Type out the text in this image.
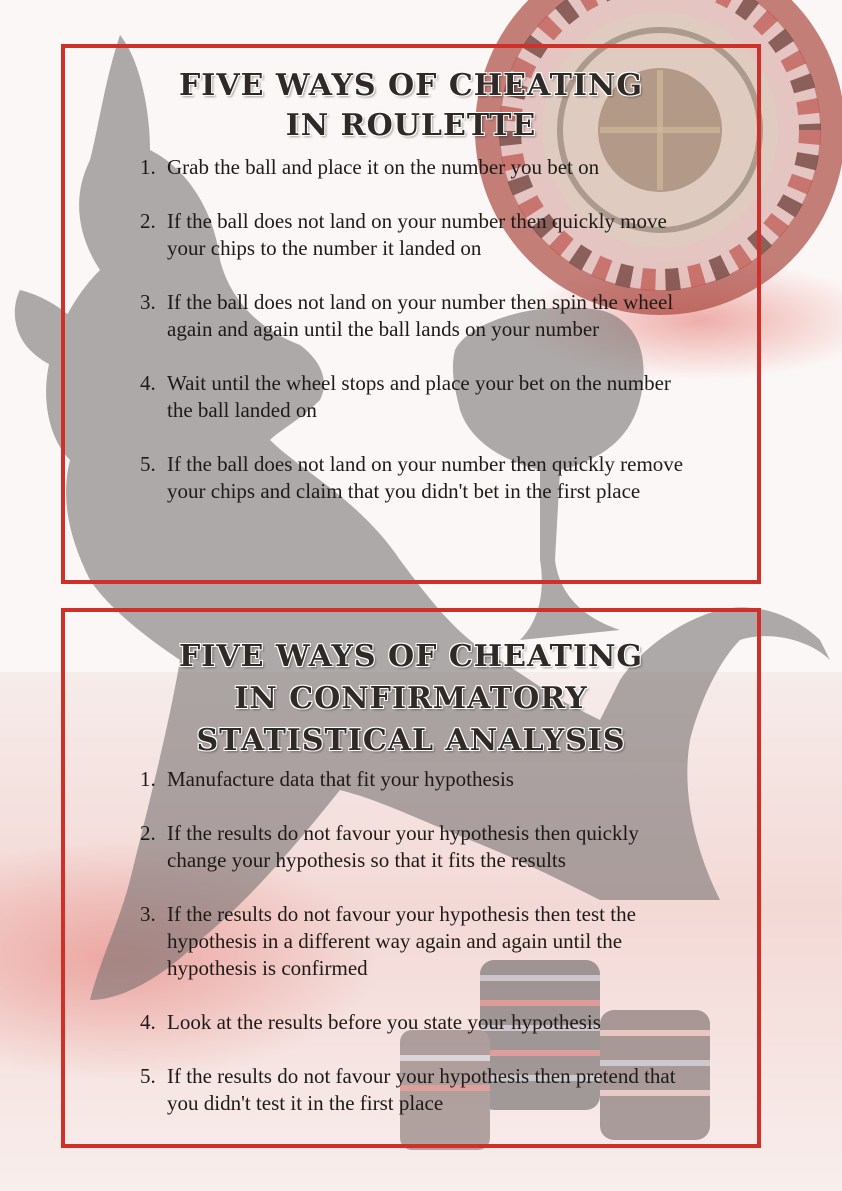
FIVE WAYS OF CHEATING
IN ROULETTE
1. Grab the ball and place it on the number you bet on
2. If the ball does not land on your number then quickly move your chips to the number it landed on
3. If the ball does not land on your number then spin the wheel again and again until the ball lands on your number
4. Wait until the wheel stops and place your bet on the number the ball landed on
5. If the ball does not land on your number then quickly remove your chips and claim that you didn't bet in the first place
FIVE WAYS OF CHEATING
IN CONFIRMATORY
STATISTICAL ANALYSIS
1. Manufacture data that fit your hypothesis
2. If the results do not favour your hypothesis then quickly change your hypothesis so that it fits the results
3. If the results do not favour your hypothesis then test the hypothesis in a different way again and again until the hypothesis is confirmed
4. Look at the results before you state your hypothesis
5. If the results do not favour your hypothesis then pretend that you didn't test it in the first place
